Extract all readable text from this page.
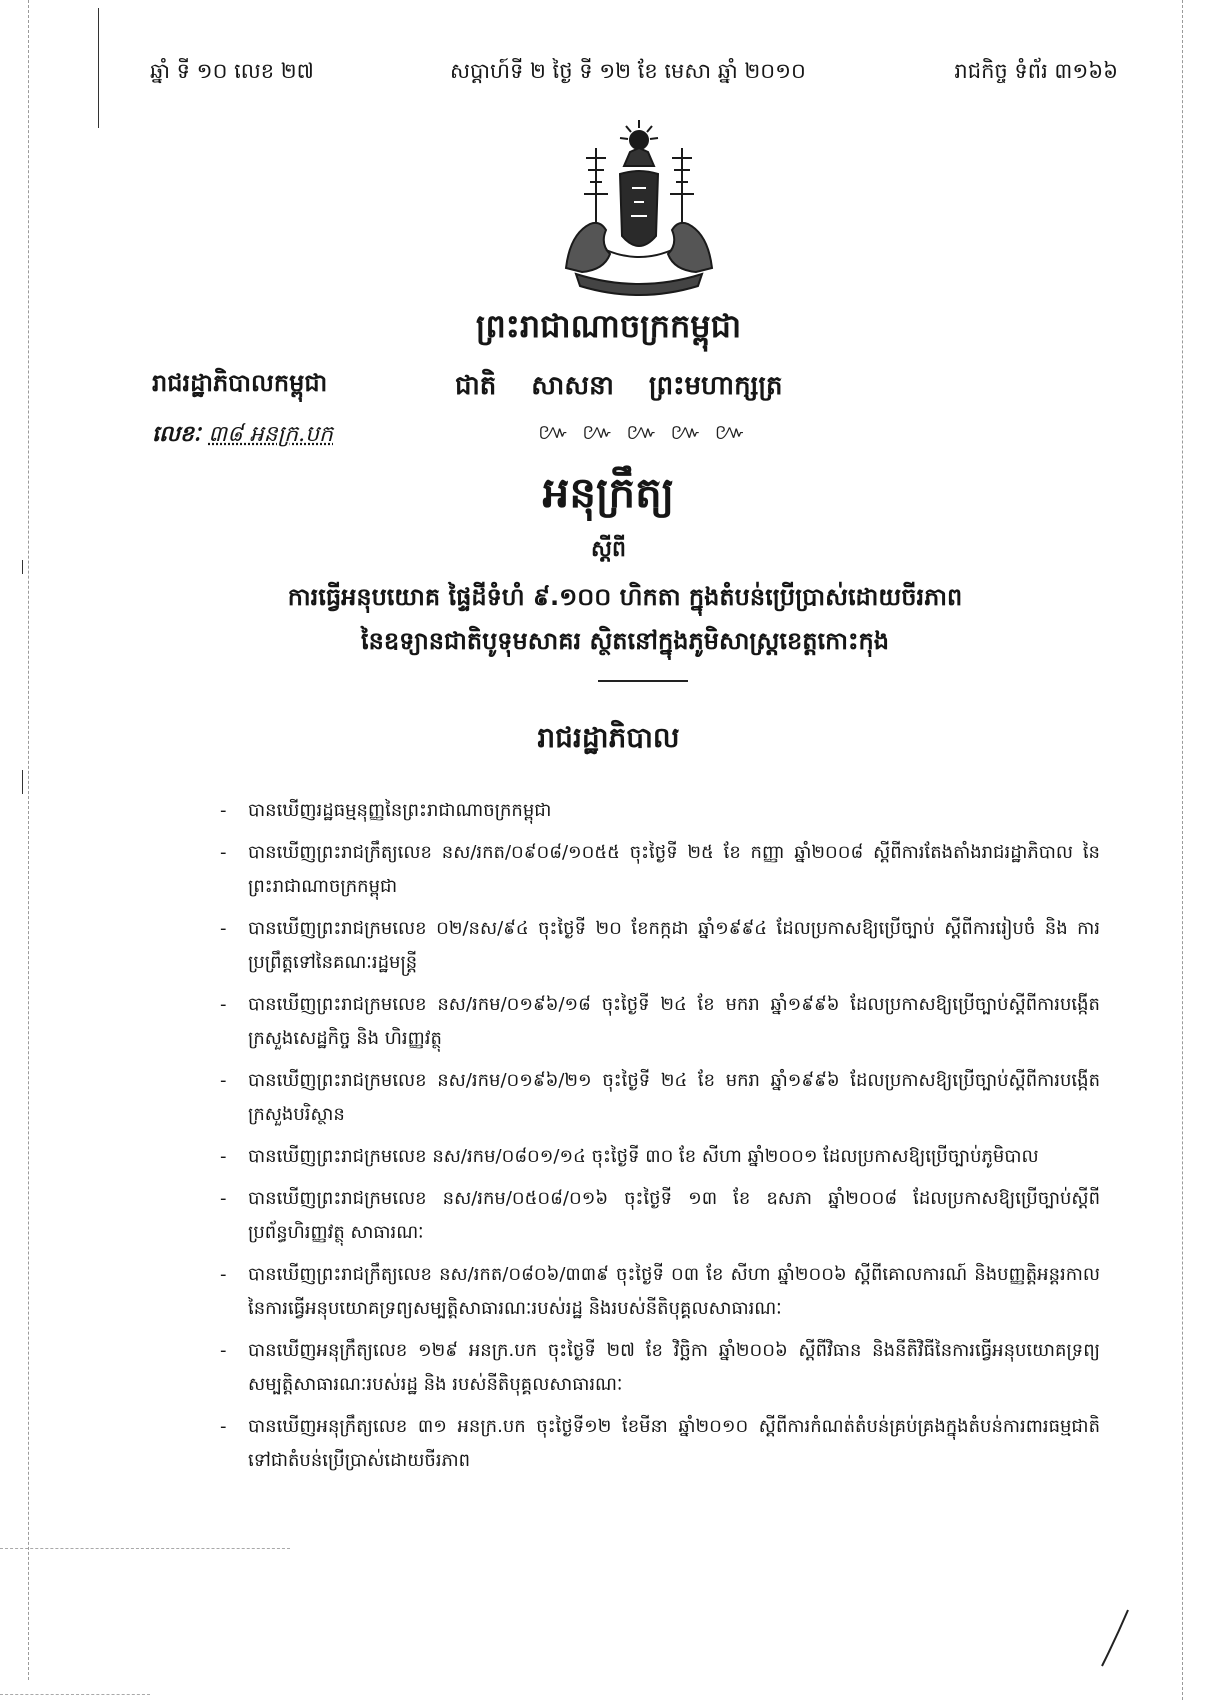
ឆ្នាំ ទី ១០ លេខ ២៧	សប្តាហ៍ទី ២ ថ្ងៃ ទី ១២ ខែ មេសា ឆ្នាំ ២០១០	រាជកិច្ច ទំព័រ ៣១៦៦
ព្រះរាជាណាចក្រកម្ពុជា
រាជរដ្ឋាភិបាលកម្ពុជា	ជាតិ សាសនា ព្រះមហាក្សត្រ
លេខៈ ៣៨ អនក្រ.បក	៚ ៚ ៚ ៚ ៚
អនុក្រឹត្យ
ស្តីពី
ការធ្វើអនុបយោគ ផ្ទៃដីទំហំ ៩.១០០ ហិកតា ក្នុងតំបន់ប្រើប្រាស់ដោយចីរភាព
នៃឧទ្យានជាតិបូទុមសាគរ ស្ថិតនៅក្នុងភូមិសាស្ត្រខេត្តកោះកុង
រាជរដ្ឋាភិបាល
- បានឃើញរដ្ឋធម្មនុញ្ញនៃព្រះរាជាណាចក្រកម្ពុជា
- បានឃើញព្រះរាជក្រឹត្យលេខ នស/រកត/០៩០៨/១០៥៥ ចុះថ្ងៃទី ២៥ ខែ កញ្ញា ឆ្នាំ២០០៨ ស្តីពីការតែងតាំងរាជរដ្ឋាភិបាល នៃព្រះរាជាណាចក្រកម្ពុជា
- បានឃើញព្រះរាជក្រមលេខ ០២/នស/៩៤ ចុះថ្ងៃទី ២០ ខែកក្កដា ឆ្នាំ១៩៩៤ ដែលប្រកាសឱ្យប្រើច្បាប់ ស្តីពីការរៀបចំ និង ការប្រព្រឹត្តទៅនៃគណៈរដ្ឋមន្ត្រី
- បានឃើញព្រះរាជក្រមលេខ នស/រកម/០១៩៦/១៨ ចុះថ្ងៃទី ២៤ ខែ មករា ឆ្នាំ១៩៩៦ ដែលប្រកាសឱ្យប្រើច្បាប់ស្តីពីការបង្កើតក្រសួងសេដ្ឋកិច្ច និង ហិរញ្ញវត្ថុ
- បានឃើញព្រះរាជក្រមលេខ នស/រកម/០១៩៦/២១ ចុះថ្ងៃទី ២៤ ខែ មករា ឆ្នាំ១៩៩៦ ដែលប្រកាសឱ្យប្រើច្បាប់ស្តីពីការបង្កើតក្រសួងបរិស្ថាន
- បានឃើញព្រះរាជក្រមលេខ នស/រកម/០៨០១/១៤ ចុះថ្ងៃទី ៣០ ខែ សីហា ឆ្នាំ២០០១ ដែលប្រកាសឱ្យប្រើច្បាប់ភូមិបាល
- បានឃើញព្រះរាជក្រមលេខ នស/រកម/០៥០៨/០១៦ ចុះថ្ងៃទី ១៣ ខែ ឧសភា ឆ្នាំ២០០៨ ដែលប្រកាសឱ្យប្រើច្បាប់ស្តីពីប្រព័ន្ធហិរញ្ញវត្ថុ សាធារណៈ
- បានឃើញព្រះរាជក្រឹត្យលេខ នស/រកត/០៨០៦/៣៣៩ ចុះថ្ងៃទី ០៣ ខែ សីហា ឆ្នាំ២០០៦ ស្តីពីគោលការណ៍ និងបញ្ញត្តិអន្តរកាល នៃការធ្វើអនុបយោគទ្រព្យសម្បត្តិសាធារណៈរបស់រដ្ឋ និងរបស់នីតិបុគ្គលសាធារណៈ
- បានឃើញអនុក្រឹត្យលេខ ១២៩ អនក្រ.បក ចុះថ្ងៃទី ២៧ ខែ វិច្ឆិកា ឆ្នាំ២០០៦ ស្តីពីវិធាន និងនីតិវិធីនៃការធ្វើអនុបយោគទ្រព្យសម្បត្តិសាធារណៈរបស់រដ្ឋ និង របស់នីតិបុគ្គលសាធារណៈ
- បានឃើញអនុក្រឹត្យលេខ ៣១ អនក្រ.បក ចុះថ្ងៃទី១២ ខែមីនា ឆ្នាំ២០១០ ស្តីពីការកំណត់តំបន់គ្រប់គ្រងក្នុងតំបន់ការពារធម្មជាតិ ទៅជាតំបន់ប្រើប្រាស់ដោយចីរភាព
